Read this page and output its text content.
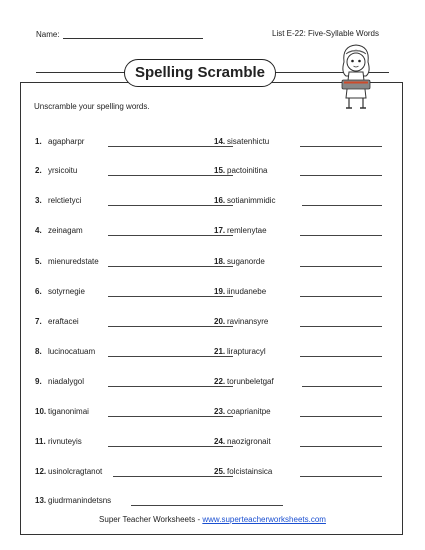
Name:	List E-22: Five-Syllable Words
Spelling Scramble
Unscramble your spelling words.
1. agapharpr
2. yrsicoitu
3. relctietyci
4. zeinagam
5. mienuredstate
6. sotyrnegie
7. eraftacei
8. lucinocatuam
9. niadalygol
10. tiganonimai
11. rivnuteyis
12. usinolcragtanot
14. sisatenhictu
15. pactoinitina
16. sotianimmidic
17. remlenytae
18. suganorde
19. iinudanebe
20. ravinansyre
21. lirapturacyl
22. torunbeletgaf
23. coaprianitpe
24. naozigronait
25. folcistainsica
13. giudrmanindetsns
Super Teacher Worksheets - www.superteacherworksheets.com
